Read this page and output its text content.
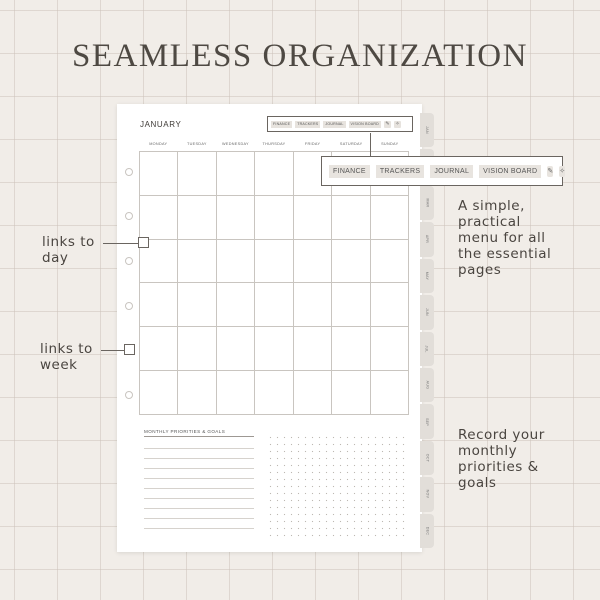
SEAMLESS ORGANIZATION
JANUARY	FINANCE	TRACKERS	JOURNAL	VISION BOARD	✎ ✧
MONDAY	TUESDAY	WEDNESDAY	THURSDAY	FRIDAY	SATURDAY	SUNDAY
MONTHLY PRIORITIES & GOALS
JAN
MAR
APR
MAY
JUN
JUL
AUG
SEP
OCT
NOV
DEC
FINANCE	TRACKERS	JOURNAL	VISION BOARD	✎ ✧
links to day
links to week
A simple, practical menu for all the essential pages
Record your monthly priorities & goals
